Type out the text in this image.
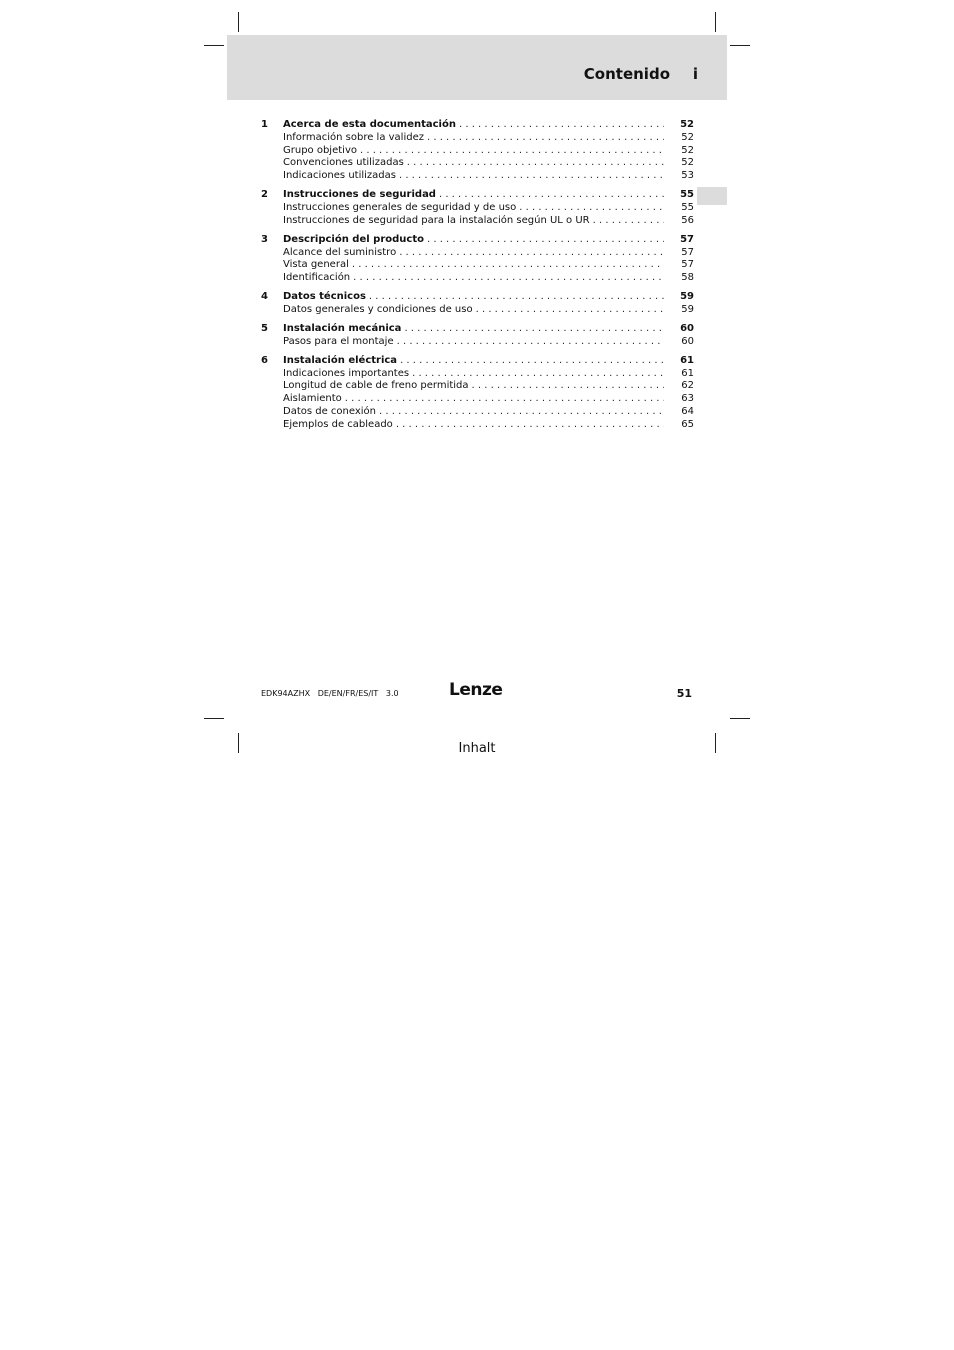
Contenido i
1	Acerca de esta documentación . . .	52
Información sobre la validez . . .	52
Grupo objetivo . . .	52
Convenciones utilizadas . . .	52
Indicaciones utilizadas . . .	53
2	Instrucciones de seguridad . . .	55
Instrucciones generales de seguridad y de uso . . .	55
Instrucciones de seguridad para la instalación según UL o UR . . .	56
3	Descripción del producto . . .	57
Alcance del suministro . . .	57
Vista general . . .	57
Identificación . . .	58
4	Datos técnicos . . .	59
Datos generales y condiciones de uso . . .	59
5	Instalación mecánica . . .	60
Pasos para el montaje . . .	60
6	Instalación eléctrica . . .	61
Indicaciones importantes . . .	61
Longitud de cable de freno permitida . . .	62
Aislamiento . . .	63
Datos de conexión . . .	64
Ejemplos de cableado . . .	65
EDK94AZHX   DE/EN/FR/ES/IT   3.0	Lenze	51
Inhalt
